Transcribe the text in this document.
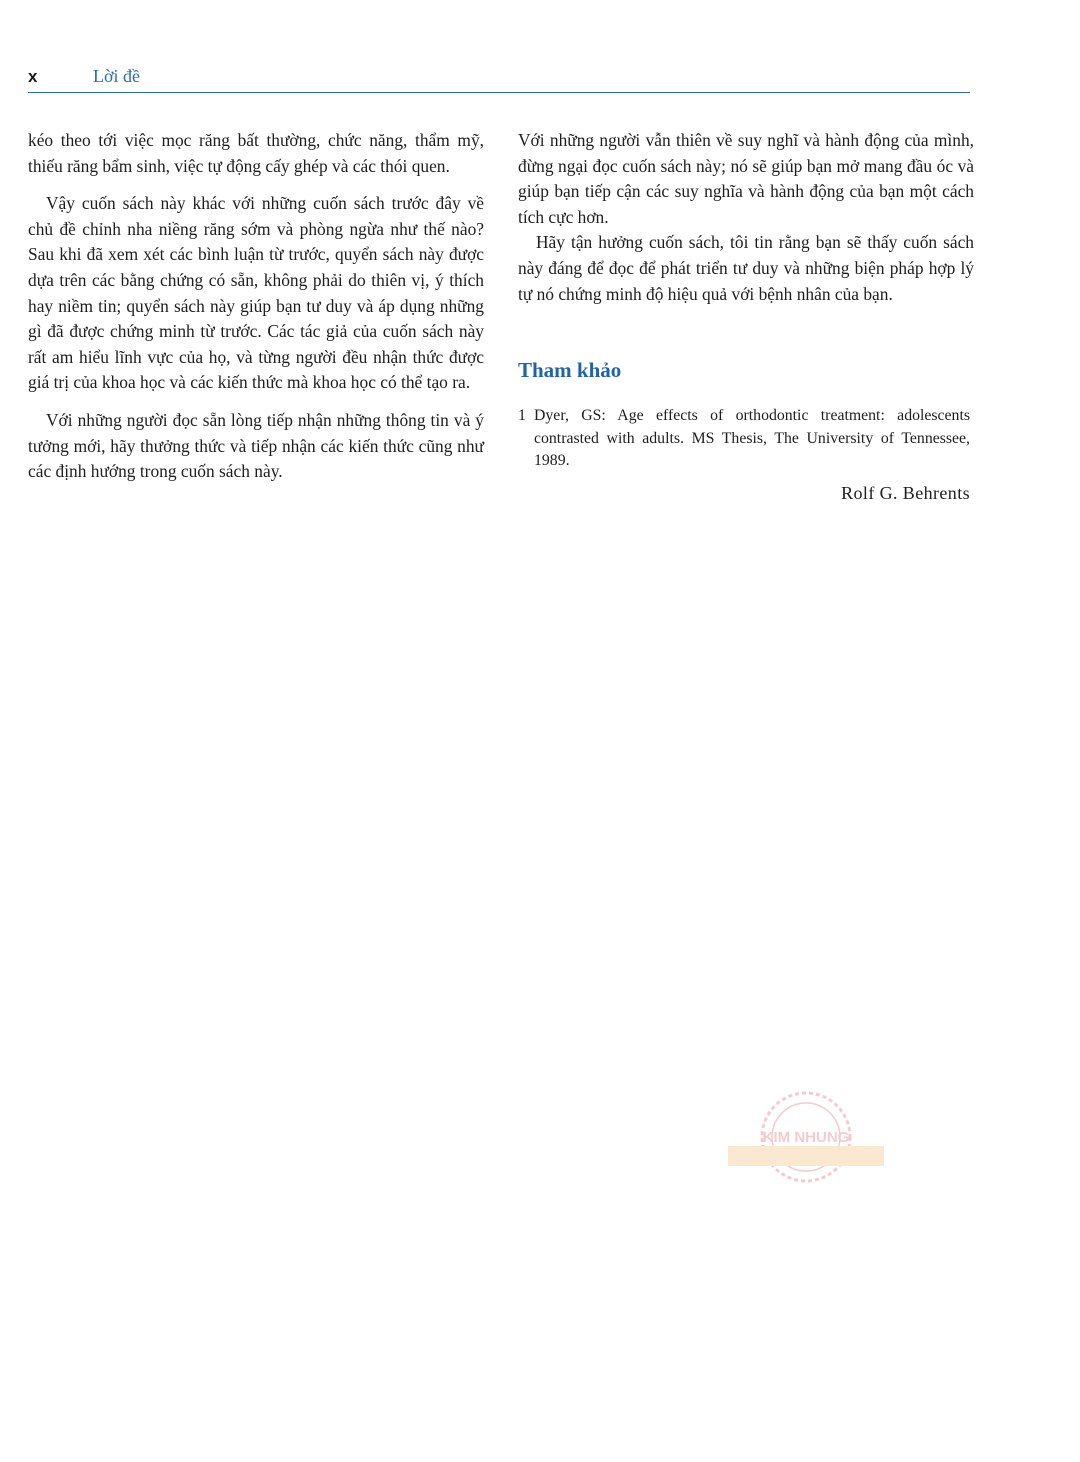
x	Lời đề

kéo theo tới việc mọc răng bất thường, chức năng, thẩm mỹ, thiếu răng bẩm sinh, việc tự động cấy ghép và các thói quen.

Vậy cuốn sách này khác với những cuốn sách trước đây về chủ đề chỉnh nha niềng răng sớm và phòng ngừa như thế nào? Sau khi đã xem xét các bình luận từ trước, quyển sách này được dựa trên các bằng chứng có sẵn, không phải do thiên vị, ý thích hay niềm tin; quyển sách này giúp bạn tư duy và áp dụng những gì đã được chứng minh từ trước. Các tác giả của cuốn sách này rất am hiểu lĩnh vực của họ, và từng người đều nhận thức được giá trị của khoa học và các kiến thức mà khoa học có thể tạo ra.

Với những người đọc sẵn lòng tiếp nhận những thông tin và ý tưởng mới, hãy thưởng thức và tiếp nhận các kiến thức cũng như các định hướng trong cuốn sách này.

Với những người vẫn thiên về suy nghĩ và hành động của mình, đừng ngại đọc cuốn sách này; nó sẽ giúp bạn mở mang đầu óc và giúp bạn tiếp cận các suy nghĩa và hành động của bạn một cách tích cực hơn.

Hãy tận hưởng cuốn sách, tôi tin rằng bạn sẽ thấy cuốn sách này đáng để đọc để phát triển tư duy và những biện pháp hợp lý tự nó chứng minh độ hiệu quả với bệnh nhân của bạn.

Tham khảo
1 Dyer, GS: Age effects of orthodontic treatment: adolescents contrasted with adults. MS Thesis, The University of Tennessee, 1989.
Rolf G. Behrents
KIM NHUNG
